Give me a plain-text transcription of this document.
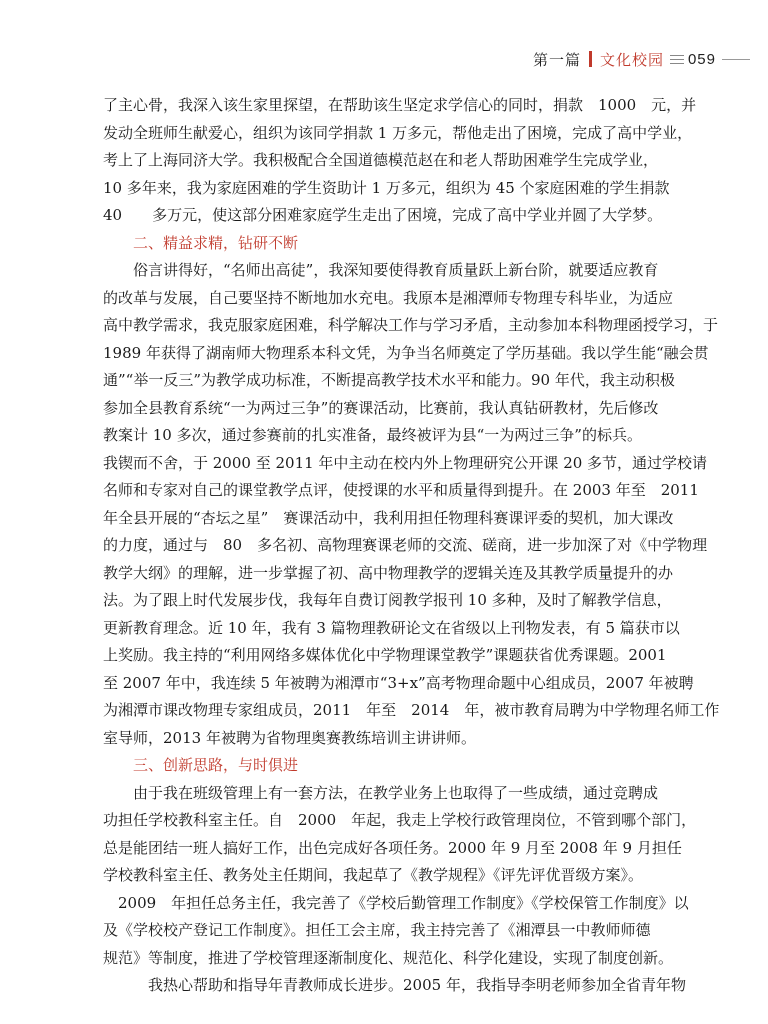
第一篇 文化校园 059
了主心骨，我深入该生家里探望，在帮助该生坚定求学信心的同时，捐款　1000　元，并
发动全班师生献爱心，组织为该同学捐款 1 万多元，帮他走出了困境，完成了高中学业，
考上了上海同济大学。我积极配合全国道德模范赵在和老人帮助困难学生完成学业，
10 多年来，我为家庭困难的学生资助计 1 万多元，组织为 45 个家庭困难的学生捐款
40　　多万元，使这部分困难家庭学生走出了困境，完成了高中学业并圆了大学梦。
二、精益求精，钻研不断
　　俗言讲得好，“名师出高徒”，我深知要使得教育质量跃上新台阶，就要适应教育
的改革与发展，自己要坚持不断地加水充电。我原本是湘潭师专物理专科毕业，为适应
高中教学需求，我克服家庭困难，科学解决工作与学习矛盾，主动参加本科物理函授学习，于
1989 年获得了湖南师大物理系本科文凭，为争当名师奠定了学历基础。我以学生能“融会贯
通”“举一反三”为教学成功标准，不断提高教学技术水平和能力。90 年代，我主动积极
参加全县教育系统“一为两过三争”的赛课活动，比赛前，我认真钻研教材，先后修改
教案计 10 多次，通过参赛前的扎实准备，最终被评为县“一为两过三争”的标兵。
我锲而不舍，于 2000 至 2011 年中主动在校内外上物理研究公开课 20 多节，通过学校请
名师和专家对自己的课堂教学点评，使授课的水平和质量得到提升。在 2003 年至　2011
年全县开展的“杏坛之星”　赛课活动中，我利用担任物理科赛课评委的契机，加大课改
的力度，通过与　80　多名初、高物理赛课老师的交流、磋商，进一步加深了对《中学物理
教学大纲》的理解，进一步掌握了初、高中物理教学的逻辑关连及其教学质量提升的办
法。为了跟上时代发展步伐，我每年自费订阅教学报刊 10 多种，及时了解教学信息，
更新教育理念。近 10 年，我有 3 篇物理教研论文在省级以上刊物发表，有 5 篇获市以
上奖励。我主持的“利用网络多媒体优化中学物理课堂教学”课题获省优秀课题。2001
至 2007 年中，我连续 5 年被聘为湘潭市“3+x”高考物理命题中心组成员，2007 年被聘
为湘潭市课改物理专家组成员，2011　年至　2014　年，被市教育局聘为中学物理名师工作
室导师，2013 年被聘为省物理奥赛教练培训主讲讲师。
三、创新思路，与时俱进
　　由于我在班级管理上有一套方法，在教学业务上也取得了一些成绩，通过竞聘成
功担任学校教科室主任。自　2000　年起，我走上学校行政管理岗位，不管到哪个部门，
总是能团结一班人搞好工作，出色完成好各项任务。2000 年 9 月至 2008 年 9 月担任
学校教科室主任、教务处主任期间，我起草了《教学规程》《评先评优晋级方案》。
　2009　年担任总务主任，我完善了《学校后勤管理工作制度》《学校保管工作制度》以
及《学校校产登记工作制度》。担任工会主席，我主持完善了《湘潭县一中教师师德
规范》等制度，推进了学校管理逐渐制度化、规范化、科学化建设，实现了制度创新。
　　　我热心帮助和指导年青教师成长进步。2005 年，我指导李明老师参加全省青年物
